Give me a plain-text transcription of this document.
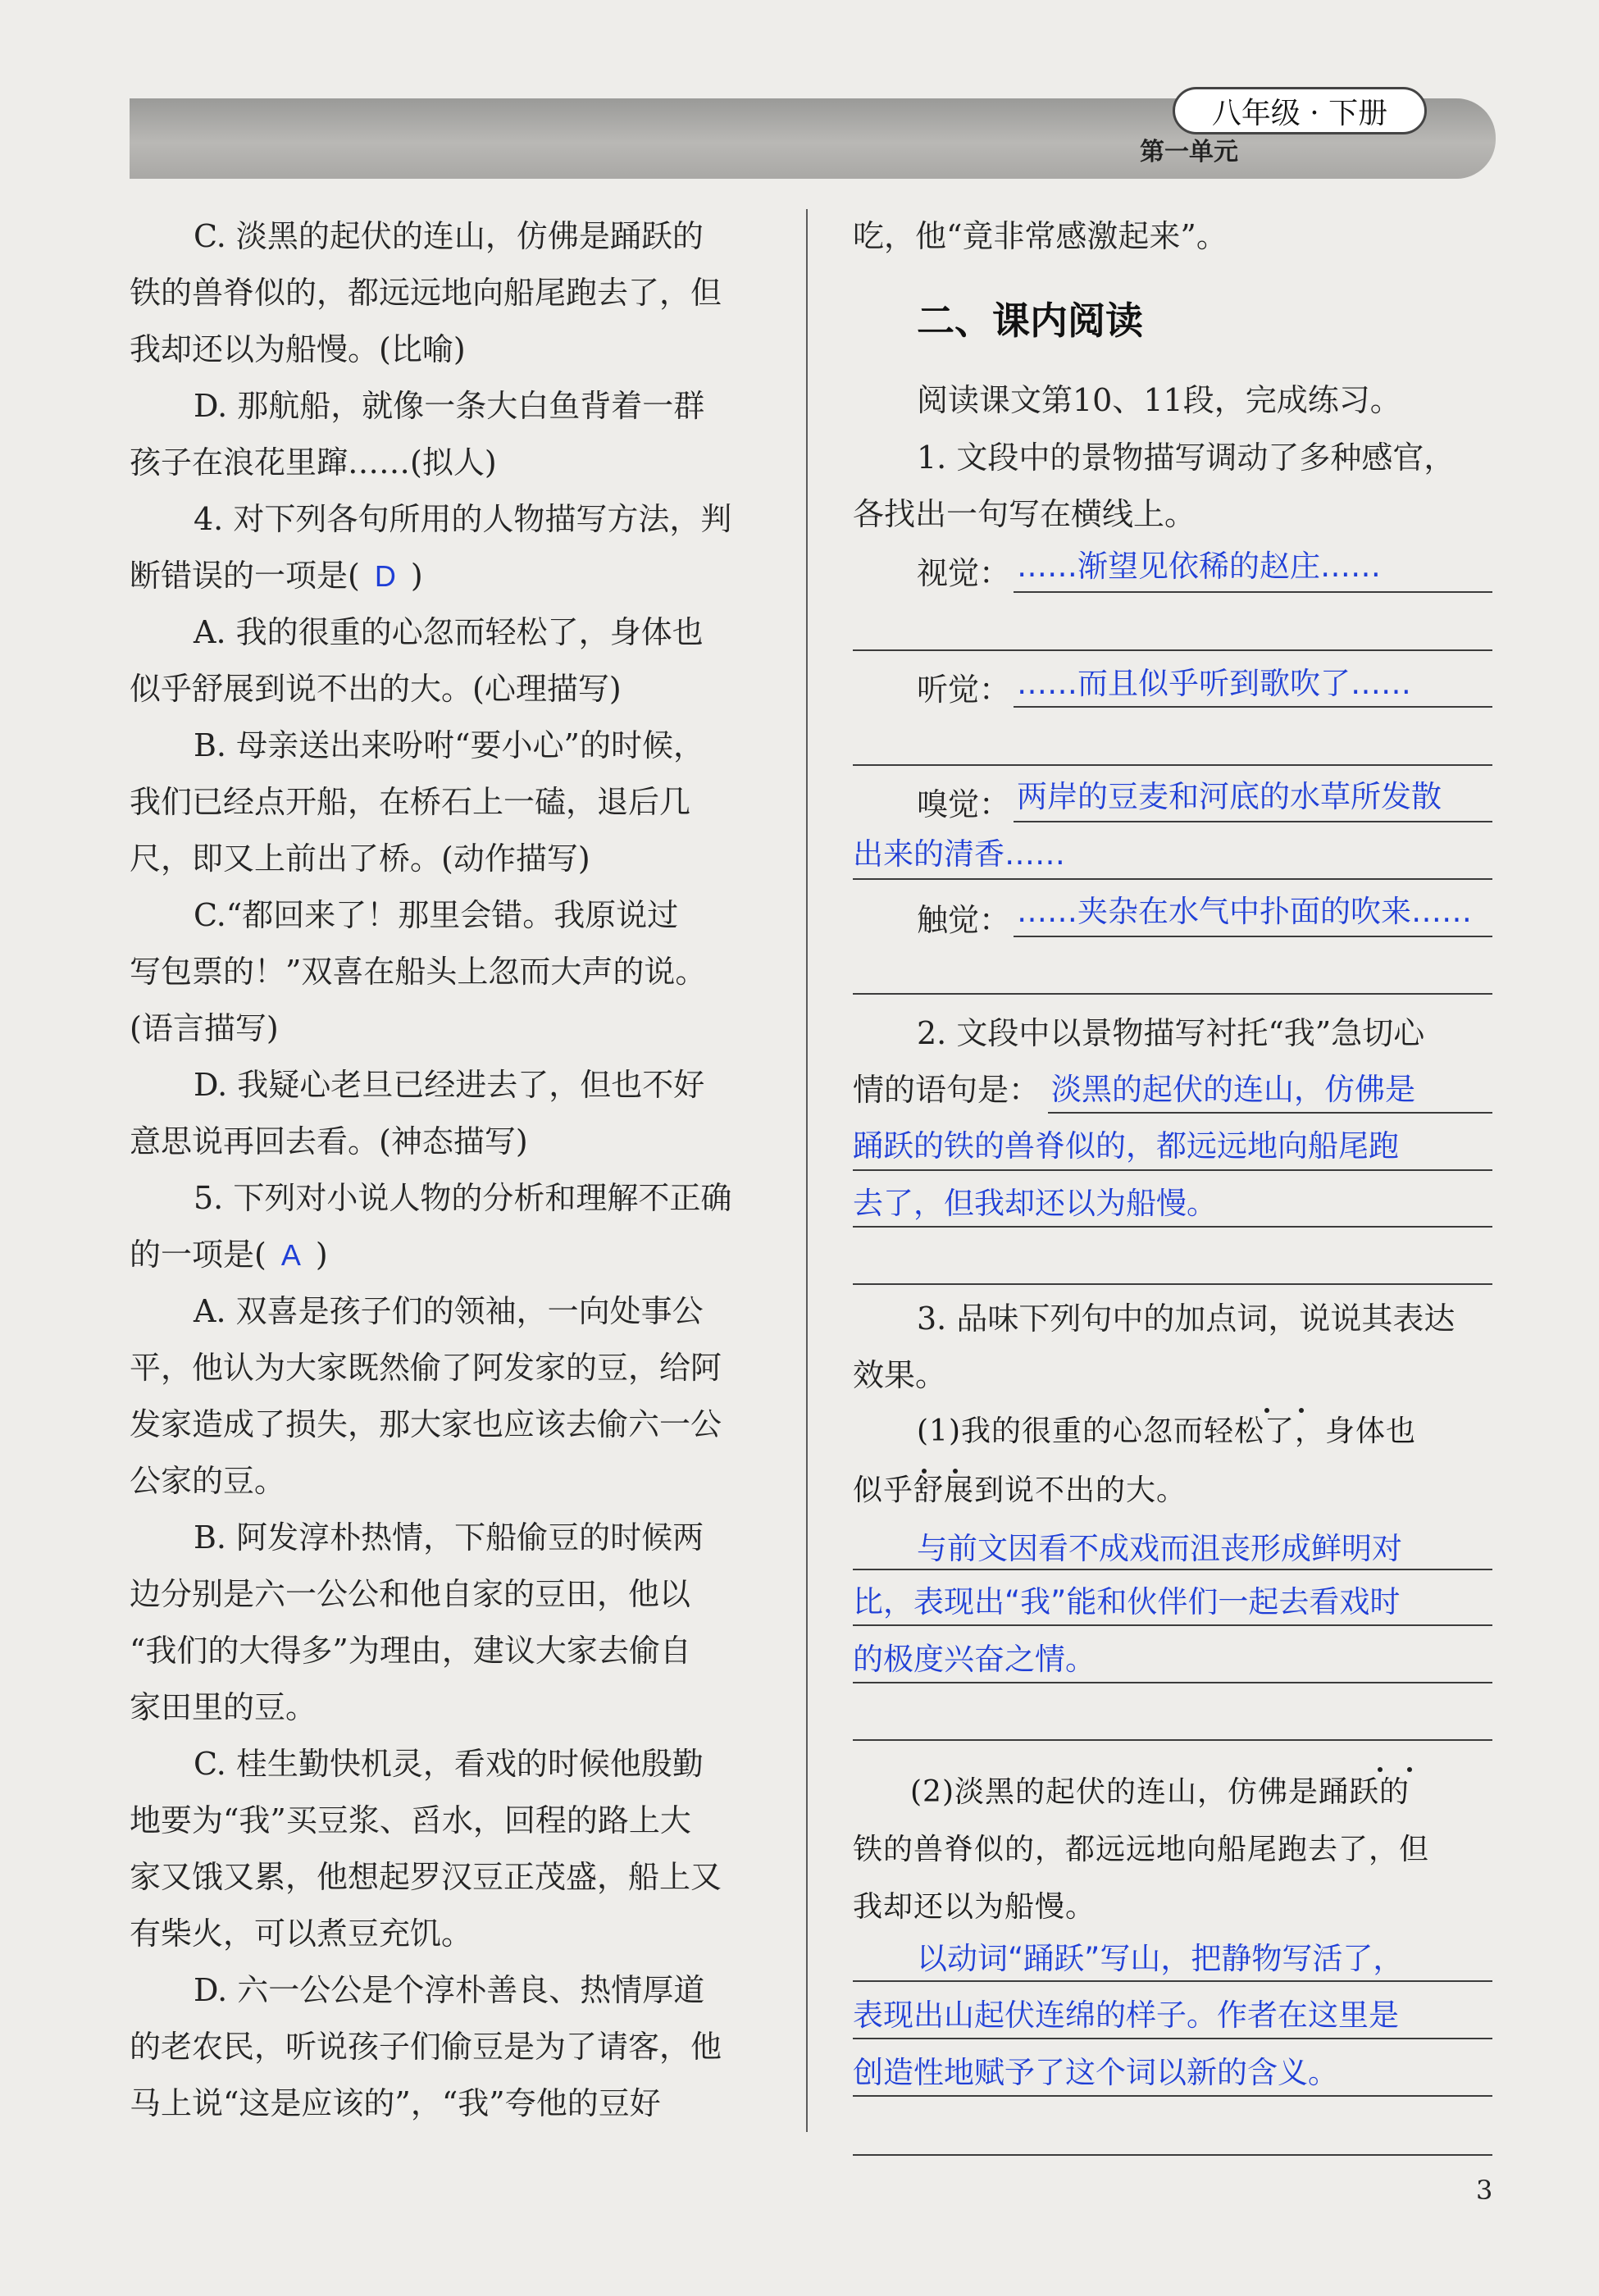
八年级 · 下册
第一单元
C. 淡黑的起伏的连山，仿佛是踊跃的
铁的兽脊似的，都远远地向船尾跑去了，但
我却还以为船慢。(比喻)
D. 那航船，就像一条大白鱼背着一群
孩子在浪花里蹿……(拟人)
4. 对下列各句所用的人物描写方法，判
断错误的一项是( D )
A. 我的很重的心忽而轻松了，身体也
似乎舒展到说不出的大。(心理描写)
B. 母亲送出来吩咐“要小心”的时候，
我们已经点开船，在桥石上一磕，退后几
尺，即又上前出了桥。(动作描写)
C.“都回来了！那里会错。我原说过
写包票的！”双喜在船头上忽而大声的说。
(语言描写)
D. 我疑心老旦已经进去了，但也不好
意思说再回去看。(神态描写)
5. 下列对小说人物的分析和理解不正确
的一项是( A )
A. 双喜是孩子们的领袖，一向处事公
平，他认为大家既然偷了阿发家的豆，给阿
发家造成了损失，那大家也应该去偷六一公
公家的豆。
B. 阿发淳朴热情，下船偷豆的时候两
边分别是六一公公和他自家的豆田，他以
“我们的大得多”为理由，建议大家去偷自
家田里的豆。
C. 桂生勤快机灵，看戏的时候他殷勤
地要为“我”买豆浆、舀水，回程的路上大
家又饿又累，他想起罗汉豆正茂盛，船上又
有柴火，可以煮豆充饥。
D. 六一公公是个淳朴善良、热情厚道
的老农民，听说孩子们偷豆是为了请客，他
马上说“这是应该的”，“我”夸他的豆好
吃，他“竟非常感激起来”。
二、课内阅读
阅读课文第10、11段，完成练习。
1. 文段中的景物描写调动了多种感官，
各找出一句写在横线上。
视觉： ……渐望见依稀的赵庄……
听觉： ……而且似乎听到歌吹了……
嗅觉： 两岸的豆麦和河底的水草所发散
出来的清香……
触觉： ……夹杂在水气中扑面的吹来……
2. 文段中以景物描写衬托“我”急切心
情的语句是： 淡黑的起伏的连山，仿佛是
踊跃的铁的兽脊似的，都远远地向船尾跑
去了，但我却还以为船慢。
3. 品味下列句中的加点词，说说其表达
效果。
(1)我的很重的心忽而轻松了，身体也
似乎舒展到说不出的大。
与前文因看不成戏而沮丧形成鲜明对
比，表现出“我”能和伙伴们一起去看戏时
的极度兴奋之情。
(2)淡黑的起伏的连山，仿佛是踊跃的
铁的兽脊似的，都远远地向船尾跑去了，但
我却还以为船慢。
以动词“踊跃”写山，把静物写活了，
表现出山起伏连绵的样子。作者在这里是
创造性地赋予了这个词以新的含义。
3
